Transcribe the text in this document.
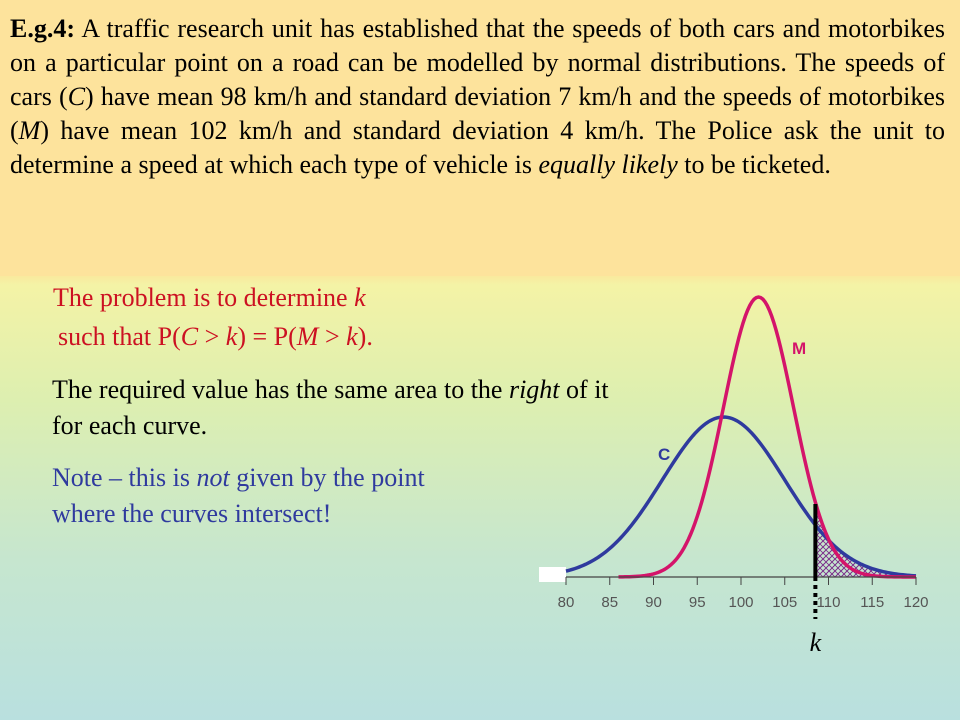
E.g.4: A traffic research unit has established that the speeds of both cars and motorbikes on a particular point on a road can be modelled by normal distributions. The speeds of cars (C) have mean 98 km/h and standard deviation 7 km/h and the speeds of motorbikes (M) have mean 102 km/h and standard deviation 4 km/h. The Police ask the unit to determine a speed at which each type of vehicle is equally likely to be ticketed.
The problem is to determine k
such that P(C > k) = P(M > k).
The required value has the same area to the right of it for each curve.
Note – this is not given by the point where the curves intersect!
80 85 90 95 100 105 110 115 120
C
M
k
